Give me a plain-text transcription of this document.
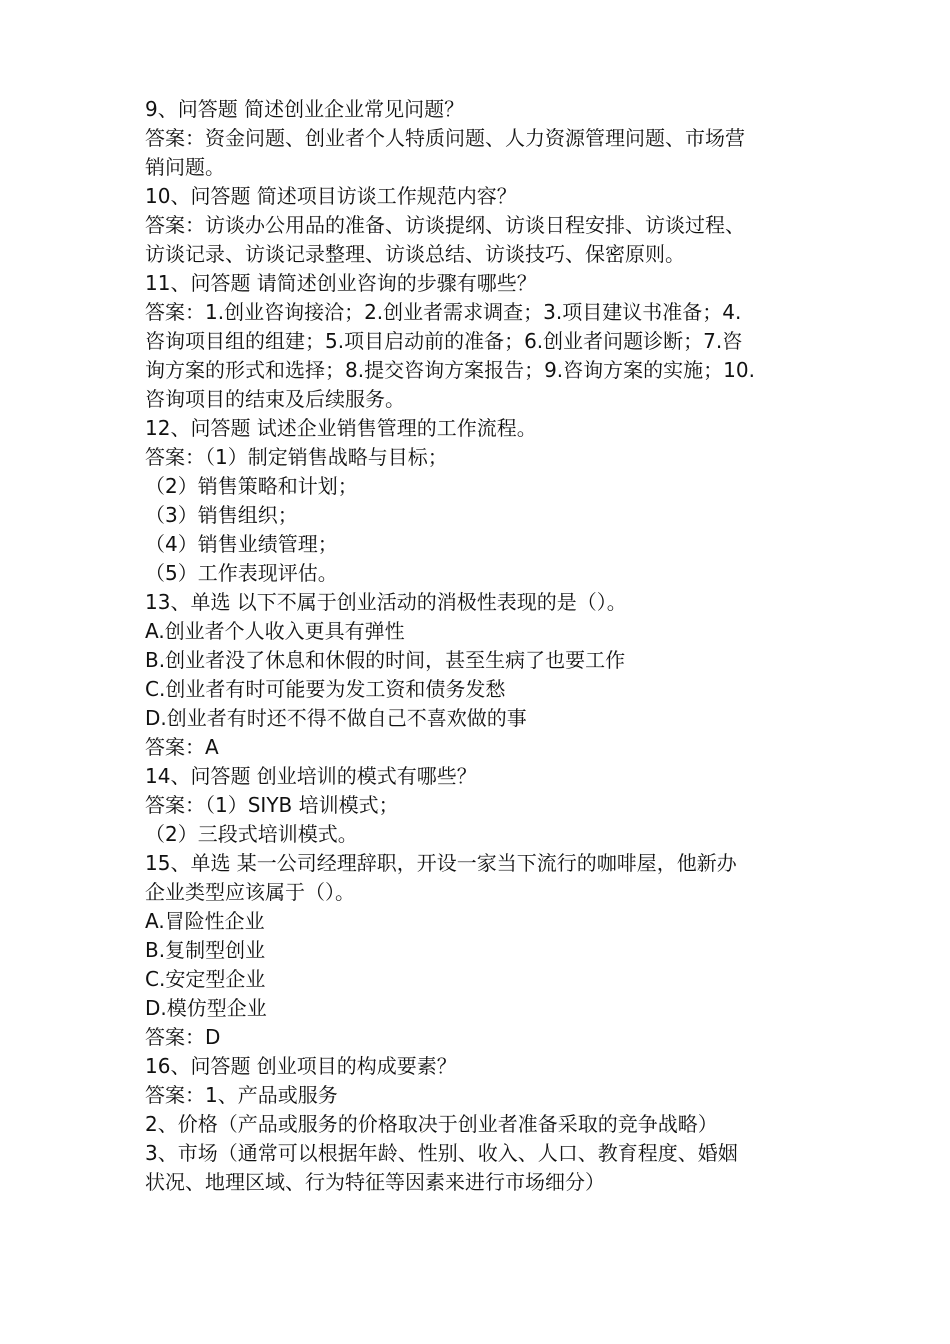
9、问答题 简述创业企业常见问题？
答案：资金问题、创业者个人特质问题、人力资源管理问题、市场营
销问题。
10、问答题 简述项目访谈工作规范内容？
答案：访谈办公用品的准备、访谈提纲、访谈日程安排、访谈过程、
访谈记录、访谈记录整理、访谈总结、访谈技巧、保密原则。
11、问答题 请简述创业咨询的步骤有哪些？
答案：1.创业咨询接洽；2.创业者需求调查；3.项目建议书准备；4.
咨询项目组的组建；5.项目启动前的准备；6.创业者问题诊断；7.咨
询方案的形式和选择；8.提交咨询方案报告；9.咨询方案的实施；10.
咨询项目的结束及后续服务。
12、问答题 试述企业销售管理的工作流程。
答案：（1）制定销售战略与目标；
（2）销售策略和计划；
（3）销售组织；
（4）销售业绩管理；
（5）工作表现评估。
13、单选 以下不属于创业活动的消极性表现的是（）。
A.创业者个人收入更具有弹性
B.创业者没了休息和休假的时间，甚至生病了也要工作
C.创业者有时可能要为发工资和债务发愁
D.创业者有时还不得不做自己不喜欢做的事
答案：A
14、问答题 创业培训的模式有哪些？
答案：（1）SIYB 培训模式；
（2）三段式培训模式。
15、单选 某一公司经理辞职，开设一家当下流行的咖啡屋，他新办
企业类型应该属于（）。
A.冒险性企业
B.复制型创业
C.安定型企业
D.模仿型企业
答案：D
16、问答题 创业项目的构成要素？
答案：1、产品或服务
2、价格（产品或服务的价格取决于创业者准备采取的竞争战略）
3、市场（通常可以根据年龄、性别、收入、人口、教育程度、婚姻
状况、地理区域、行为特征等因素来进行市场细分）
